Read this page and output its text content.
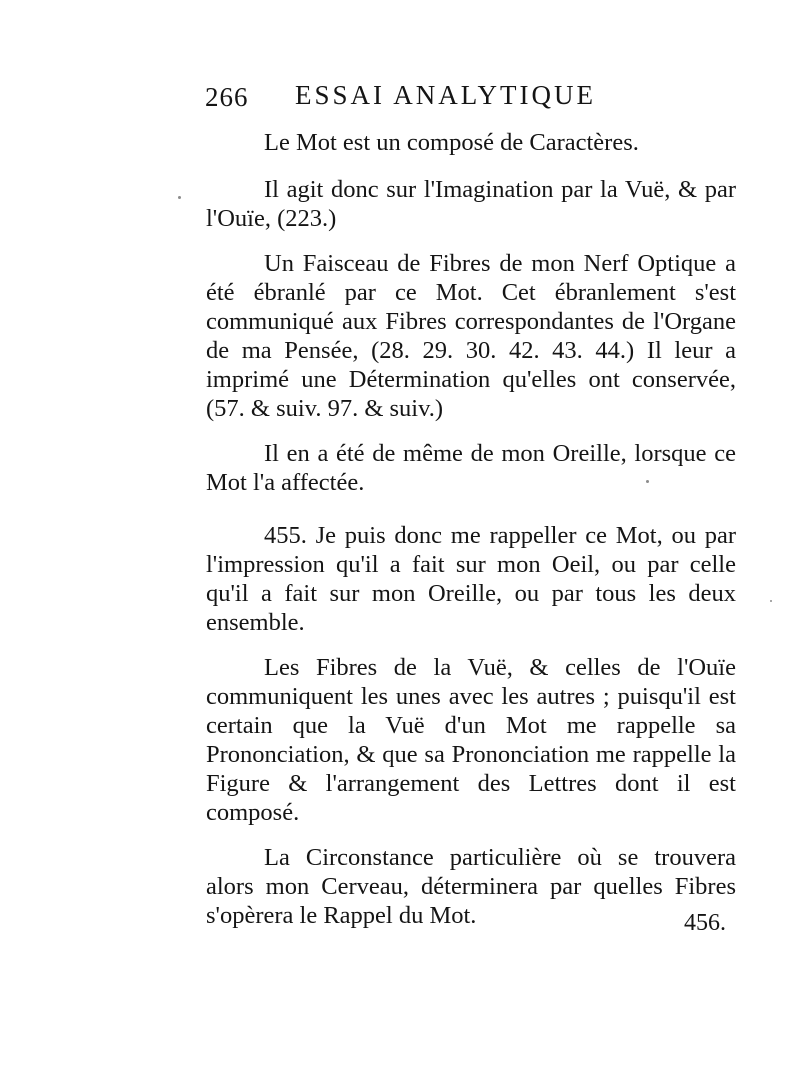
266 ESSAI ANALYTIQUE

Le Mot est un composé de Caractères.

Il agit donc sur l'Imagination par la Vuë, & par l'Ouïe, (223.)

Un Faisceau de Fibres de mon Nerf Optique a été ébranlé par ce Mot. Cet ébranlement s'est communiqué aux Fibres correspondantes de l'Organe de ma Pensée, (28. 29. 30. 42. 43. 44.) Il leur a imprimé une Détermination qu'elles ont conservée, (57. & suiv. 97. & suiv.)

Il en a été de même de mon Oreille, lorsque ce Mot l'a affectée.

455. Je puis donc me rappeller ce Mot, ou par l'impression qu'il a fait sur mon Oeil, ou par celle qu'il a fait sur mon Oreille, ou par tous les deux ensemble.

Les Fibres de la Vuë, & celles de l'Ouïe communiquent les unes avec les autres ; puisqu'il est certain que la Vuë d'un Mot me rappelle sa Prononciation, & que sa Prononciation me rappelle la Figure & l'arrangement des Lettres dont il est composé.

La Circonstance particulière où se trouvera alors mon Cerveau, déterminera par quelles Fibres s'opèrera le Rappel du Mot.	456.
